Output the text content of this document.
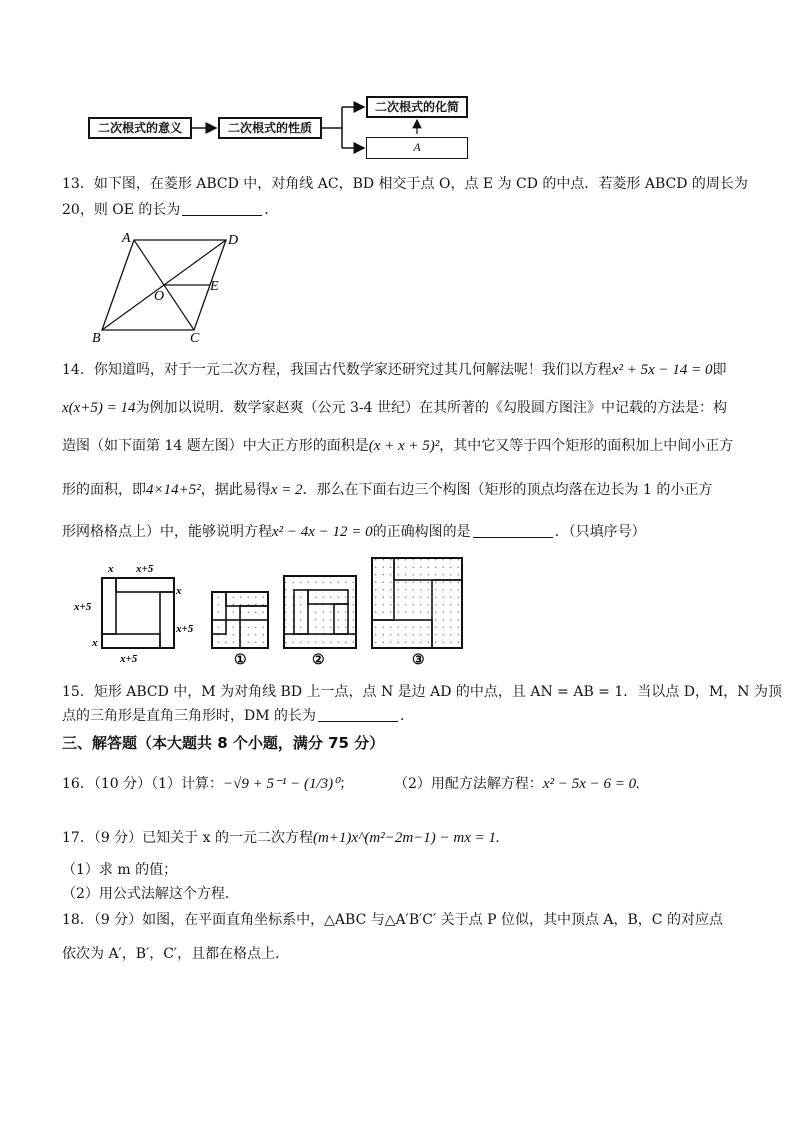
二次根式的意义	二次根式的性质
二次根式的化简
A
13．如下图，在菱形 ABCD 中，对角线 AC，BD 相交于点 O，点 E 为 CD 的中点．若菱形 ABCD 的周长为
20，则 OE 的长为	．
A	D
O
E
B	C
14．你知道吗，对于一元二次方程，我国古代数学家还研究过其几何解法呢！我们以方程x² + 5x − 14 = 0即
x(x+5) = 14为例加以说明．数学家赵爽（公元 3-4 世纪）在其所著的《勾股圆方图注》中记载的方法是：构
造图（如下面第 14 题左图）中大正方形的面积是(x + x + 5)²，其中它又等于四个矩形的面积加上中间小正方
形的面积，即4×14+5²，据此易得x = 2．那么在下面右边三个构图（矩形的顶点均落在边长为 1 的小正方
形网格格点上）中，能够说明方程x² − 4x − 12 = 0的正确构图的是	．（只填序号）
x x+5
x+5
x
x+5
x
x+5	①	②	③
15．矩形 ABCD 中，M 为对角线 BD 上一点，点 N 是边 AD 的中点，且 AN = AB = 1．当以点 D，M，N 为顶
点的三角形是直角三角形时，DM 的长为	．
三、解答题（本大题共 8 个小题，满分 75 分）
16．（10 分）（1）计算：−√9 + 5⁻¹ − (1/3)⁰；	（2）用配方法解方程：x² − 5x − 6 = 0.
17．（9 分）已知关于 x 的一元二次方程(m+1)x^(m²−2m−1) − mx = 1.
（1）求 m 的值；
（2）用公式法解这个方程．
18．（9 分）如图，在平面直角坐标系中，△ABC 与△A′B′C′ 关于点 P 位似，其中顶点 A，B，C 的对应点
依次为 A′，B′，C′，且都在格点上．
